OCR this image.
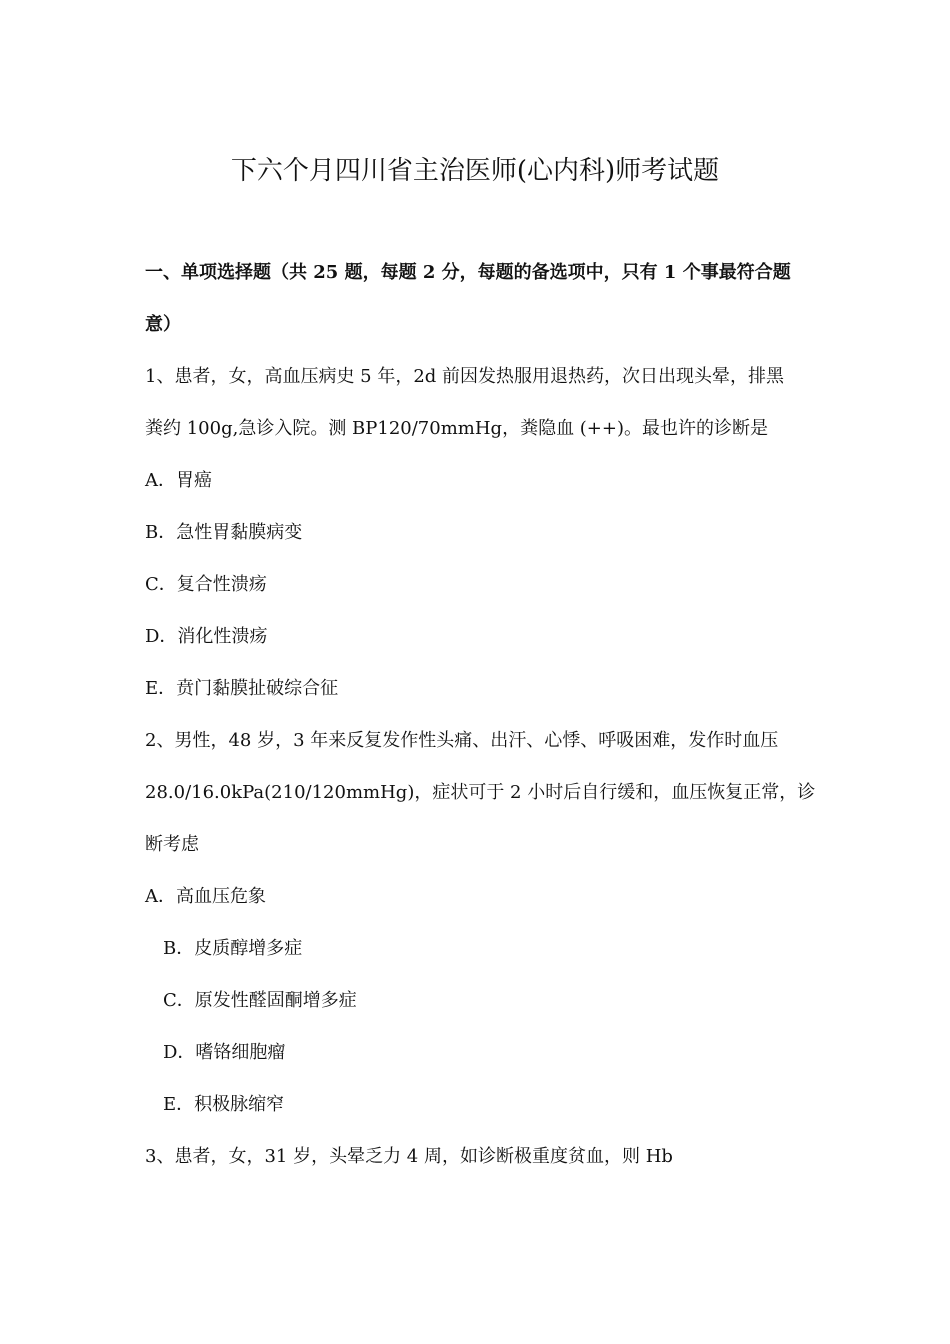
下六个月四川省主治医师(心内科)师考试题
一、单项选择题（共 25 题，每题 2 分，每题的备选项中，只有 1 个事最符合题
意）
1、患者，女，高血压病史 5 年，2d 前因发热服用退热药，次日出现头晕，排黑
粪约 100g,急诊入院。测 BP120/70mmHg，粪隐血 (++)。最也许的诊断是
A．胃癌
B．急性胃黏膜病变
C．复合性溃疡
D．消化性溃疡
E．贲门黏膜扯破综合征
2、男性，48 岁，3 年来反复发作性头痛、出汗、心悸、呼吸困难，发作时血压
28.0/16.0kPa(210/120mmHg)，症状可于 2 小时后自行缓和，血压恢复正常，诊
断考虑
A．高血压危象
B．皮质醇增多症
C．原发性醛固酮增多症
D．嗜铬细胞瘤
E．积极脉缩窄
3、患者，女，31 岁，头晕乏力 4 周，如诊断极重度贫血，则 Hb
